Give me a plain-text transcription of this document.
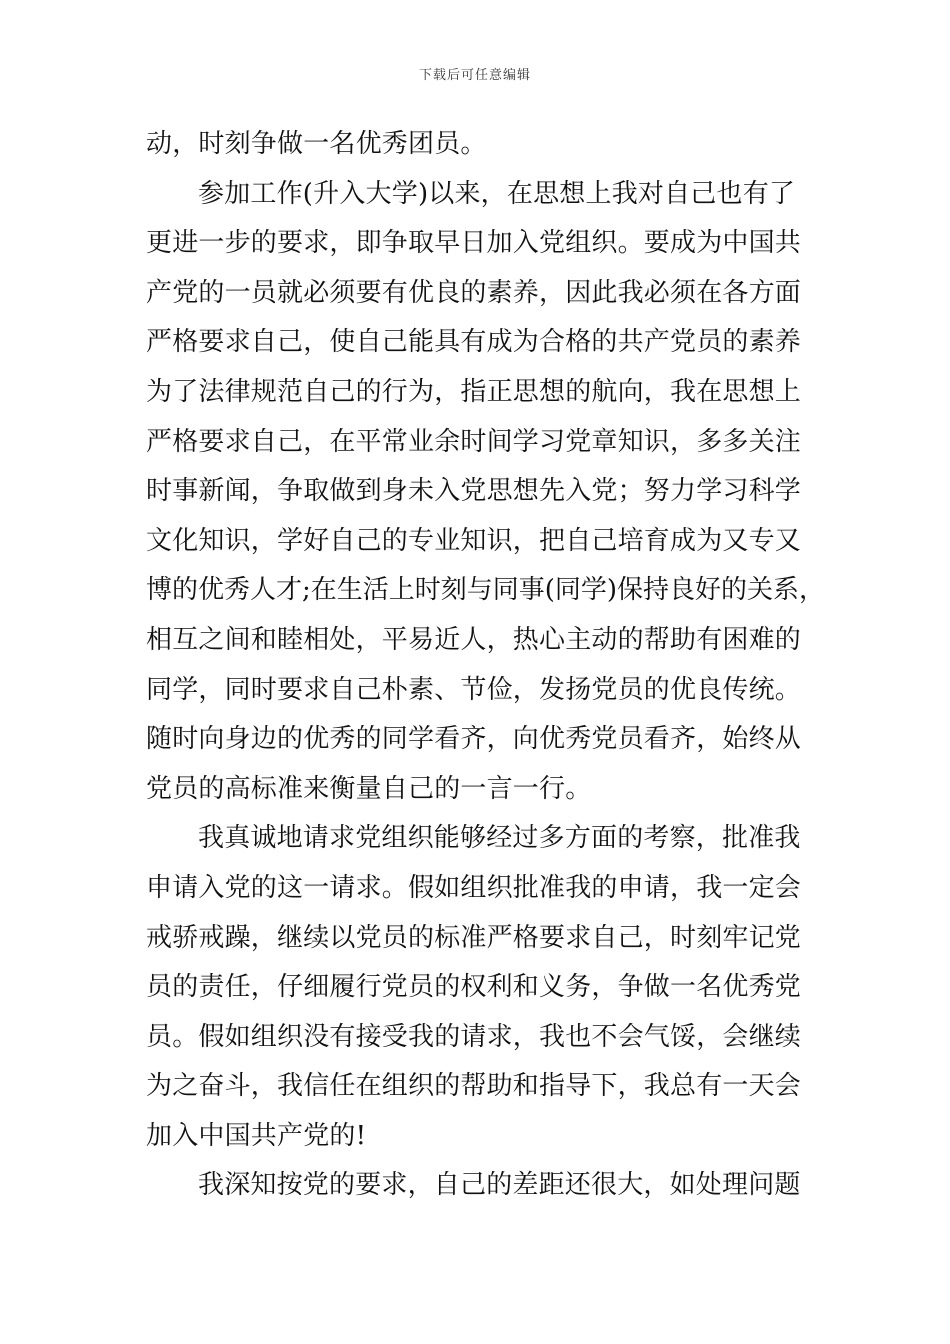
下载后可任意编辑
动，时刻争做一名优秀团员。
参加工作(升入大学)以来，在思想上我对自己也有了
更进一步的要求，即争取早日加入党组织。要成为中国共
产党的一员就必须要有优良的素养，因此我必须在各方面
严格要求自己，使自己能具有成为合格的共产党员的素养
为了法律规范自己的行为，指正思想的航向，我在思想上
严格要求自己，在平常业余时间学习党章知识，多多关注
时事新闻，争取做到身未入党思想先入党；努力学习科学
文化知识，学好自己的专业知识，把自己培育成为又专又
博的优秀人才;在生活上时刻与同事(同学)保持良好的关系，
相互之间和睦相处，平易近人，热心主动的帮助有困难的
同学，同时要求自己朴素、节俭，发扬党员的优良传统。
随时向身边的优秀的同学看齐，向优秀党员看齐，始终从
党员的高标准来衡量自己的一言一行。
我真诚地请求党组织能够经过多方面的考察，批准我
申请入党的这一请求。假如组织批准我的申请，我一定会
戒骄戒躁，继续以党员的标准严格要求自己，时刻牢记党
员的责任，仔细履行党员的权利和义务，争做一名优秀党
员。假如组织没有接受我的请求，我也不会气馁，会继续
为之奋斗，我信任在组织的帮助和指导下，我总有一天会
加入中国共产党的!
我深知按党的要求，自己的差距还很大，如处理问题
